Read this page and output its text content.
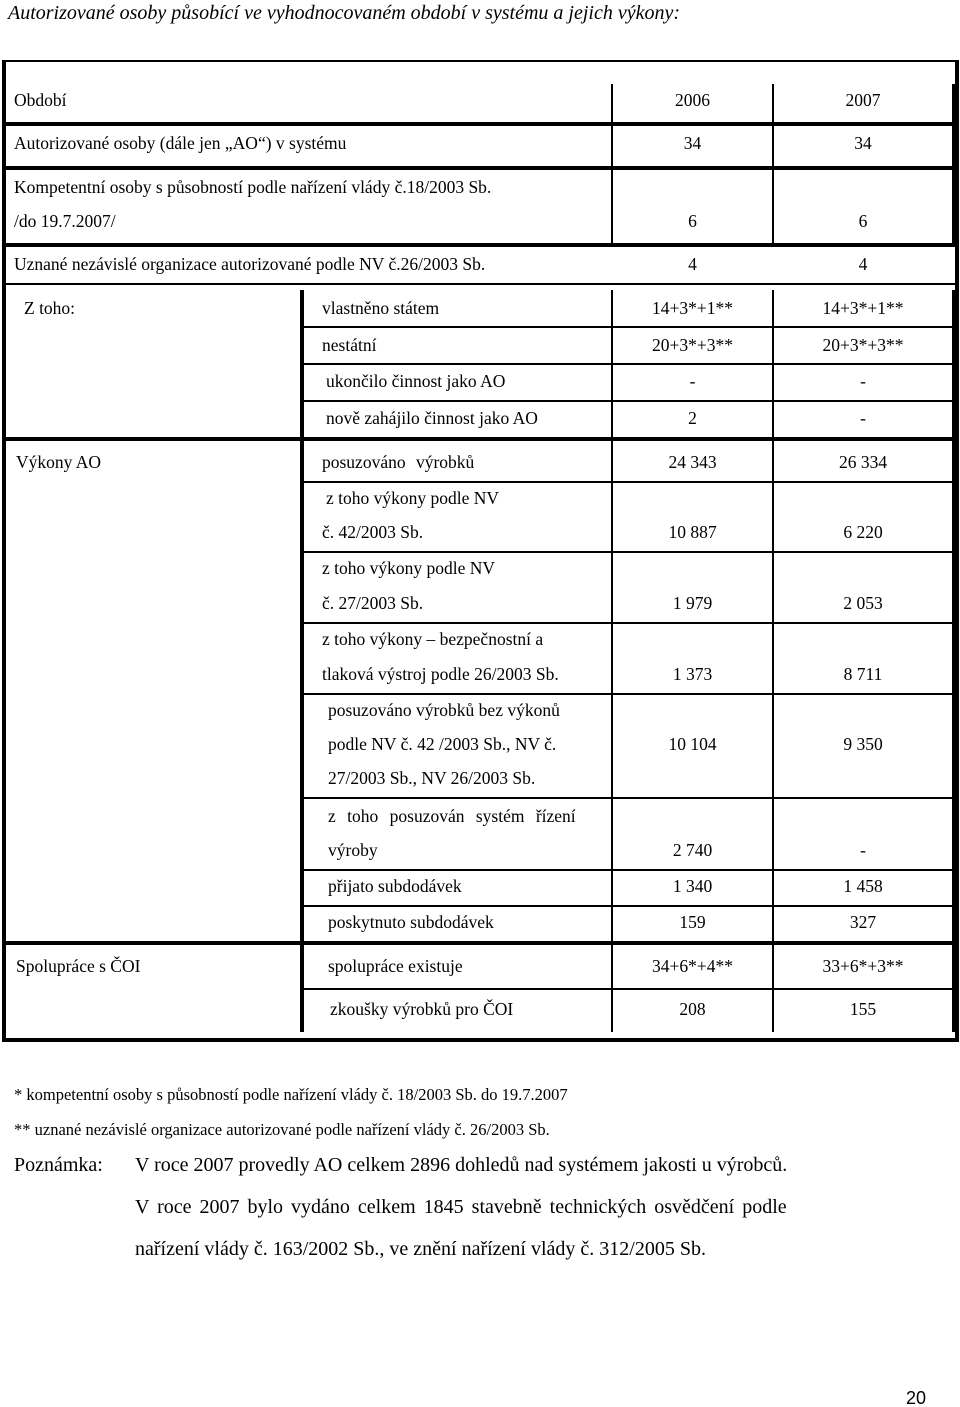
Autorizované osoby působící ve vyhodnocovaném období v systému a jejich výkony:
Období	2006	2007
Autorizované osoby (dále jen „AO“) v systému	34	34
Kompetentní osoby s působností podle nařízení vlády č.18/2003 Sb.
/do 19.7.2007/	6	6
Uznané nezávislé organizace autorizované podle NV č.26/2003 Sb.	4	4
Z toho:	vlastněno státem	14+3*+1**	14+3*+1**
nestátní	20+3*+3**	20+3*+3**
ukončilo činnost jako AO	-	-
nově zahájilo činnost jako AO	2	-
Výkony AO	posuzováno výrobků	24 343	26 334
z toho výkony podle NV
č. 42/2003 Sb.	10 887	6 220
z toho výkony podle NV
č. 27/2003 Sb.	1 979	2 053
z toho výkony – bezpečnostní a
tlaková výstroj podle 26/2003 Sb.	1 373	8 711
posuzováno výrobků bez výkonů
podle NV č. 42 /2003 Sb., NV č.
27/2003 Sb., NV 26/2003 Sb.
10 104	9 350
z toho posuzován systém řízení
výroby	2 740	-
přijato subdodávek	1 340	1 458
poskytnuto subdodávek	159	327
Spolupráce s ČOI	spolupráce existuje	34+6*+4**	33+6*+3**
zkoušky výrobků pro ČOI	208	155
* kompetentní osoby s působností podle nařízení vlády č. 18/2003 Sb. do 19.7.2007
** uznané nezávislé organizace autorizované podle nařízení vlády č. 26/2003 Sb.
Poznámka: V roce 2007 provedly AO celkem 2896 dohledů nad systémem jakosti u výrobců.
V roce 2007 bylo vydáno celkem 1845 stavebně technických osvědčení podle
nařízení vlády č. 163/2002 Sb., ve znění nařízení vlády č. 312/2005 Sb.
20
